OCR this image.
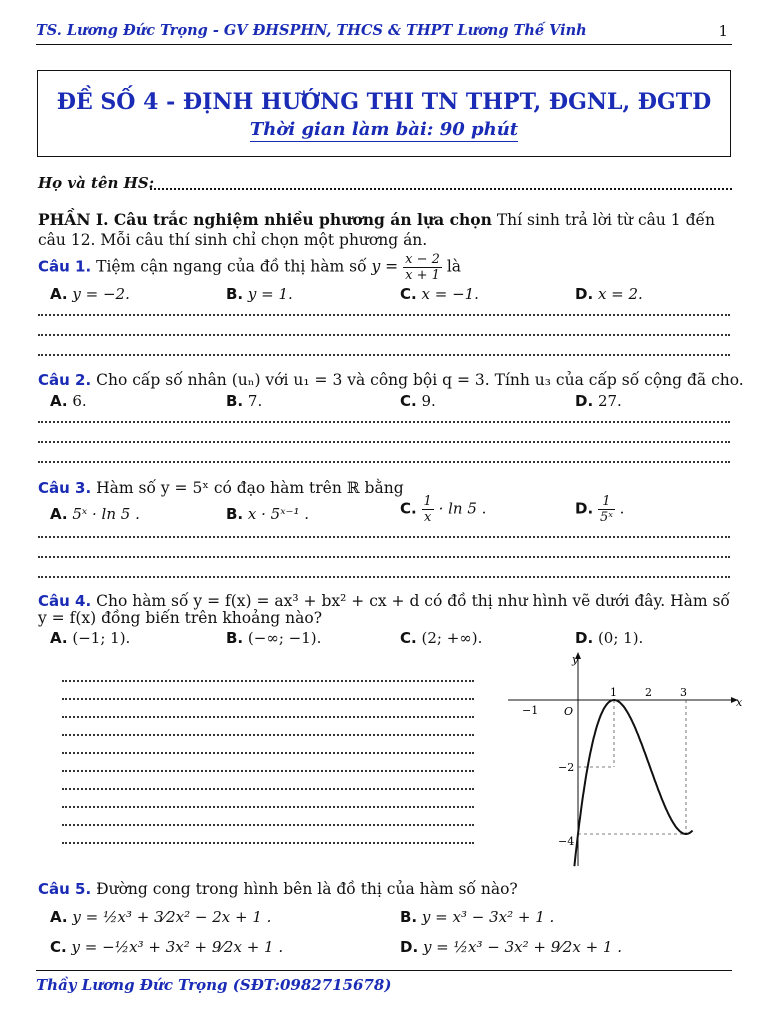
TS. Lương Đức Trọng - GV ĐHSPHN, THCS & THPT Lương Thế Vinh	1
ĐỀ SỐ 4 - ĐỊNH HƯỚNG THI TN THPT, ĐGNL, ĐGTD
Thời gian làm bài: 90 phút
Họ và tên HS:
PHẦN I. Câu trắc nghiệm nhiều phương án lựa chọn Thí sinh trả lời từ câu 1 đến câu 12. Mỗi câu thí sinh chỉ chọn một phương án.
Câu 1. Tiệm cận ngang của đồ thị hàm số $y = \frac{x - 2}{x + 1}$ là
A. y = −2.	B. y = 1.	C. x = −1.	D. x = 2.
Câu 2. Cho cấp số nhân (uₙ) với u₁ = 3 và công bội q = 3. Tính u₃ của cấp số cộng đã cho.
A. 6.	B. 7.	C. 9.	D. 27.
Câu 3. Hàm số y = 5ˣ có đạo hàm trên ℝ bằng
A. 5ˣ · ln 5 .	B. x · 5ˣ⁻¹ .	C. $\frac{1}{x} \cdot \ln 5$ .	D. $\frac{1}{\text{5ˣ}}$ .
Câu 4. Cho hàm số y = f(x) = ax³ + bx² + cx + d có đồ thị như hình vẽ dưới đây. Hàm số y = f(x) đồng biến trên khoảng nào?
A. (−1; 1).	B. (−∞; −1).	C. (2; +∞).	D. (0; 1).
x
y
O
−1
1	2	3
−2
−4
Câu 5. Đường cong trong hình bên là đồ thị của hàm số nào?
A. y = ½x³ + 3⁄2x² − 2x + 1 .	B. y = x³ − 3x² + 1 .
C. y = −½x³ + 3x² + 9⁄2x + 1 .	D. y = ½x³ − 3x² + 9⁄2x + 1 .
Thầy Lương Đức Trọng (SĐT:0982715678)
